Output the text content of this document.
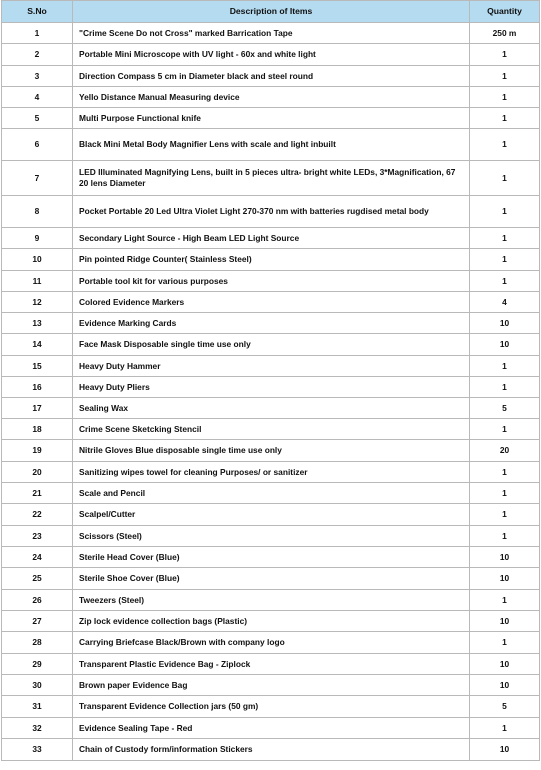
S.No	Description of Items	Quantity
1	"Crime Scene Do not Cross" marked Barrication Tape	250 m
2	Portable Mini Microscope with UV light - 60x and white light	1
3	Direction Compass 5 cm in Diameter black and steel round	1
4	Yello Distance Manual Measuring device	1
5	Multi Purpose Functional knife	1
6	Black Mini Metal Body Magnifier Lens with scale and light inbuilt	1
7	LED Illuminated Magnifying Lens, built in 5 pieces ultra- bright white LEDs, 3*Magnification, 67 20 lens Diameter	1
8	Pocket Portable 20 Led Ultra Violet Light 270-370 nm with batteries rugdised metal body	1
9	Secondary Light Source - High Beam LED Light Source	1
10	Pin pointed Ridge Counter( Stainless Steel)	1
11	Portable tool kit for various purposes	1
12	Colored Evidence Markers	4
13	Evidence Marking Cards	10
14	Face Mask Disposable single time use only	10
15	Heavy Duty Hammer	1
16	Heavy Duty Pliers	1
17	Sealing Wax	5
18	Crime Scene Sketcking Stencil	1
19	Nitrile Gloves Blue disposable single time use only	20
20	Sanitizing wipes towel for cleaning Purposes/ or sanitizer	1
21	Scale and Pencil	1
22	Scalpel/Cutter	1
23	Scissors (Steel)	1
24	Sterile Head Cover (Blue)	10
25	Sterile Shoe Cover (Blue)	10
26	Tweezers (Steel)	1
27	Zip lock evidence collection bags (Plastic)	10
28	Carrying Briefcase Black/Brown with company logo	1
29	Transparent Plastic Evidence Bag - Ziplock	10
30	Brown paper Evidence Bag	10
31	Transparent Evidence Collection jars (50 gm)	5
32	Evidence Sealing Tape - Red	1
33	Chain of Custody form/information Stickers	10
